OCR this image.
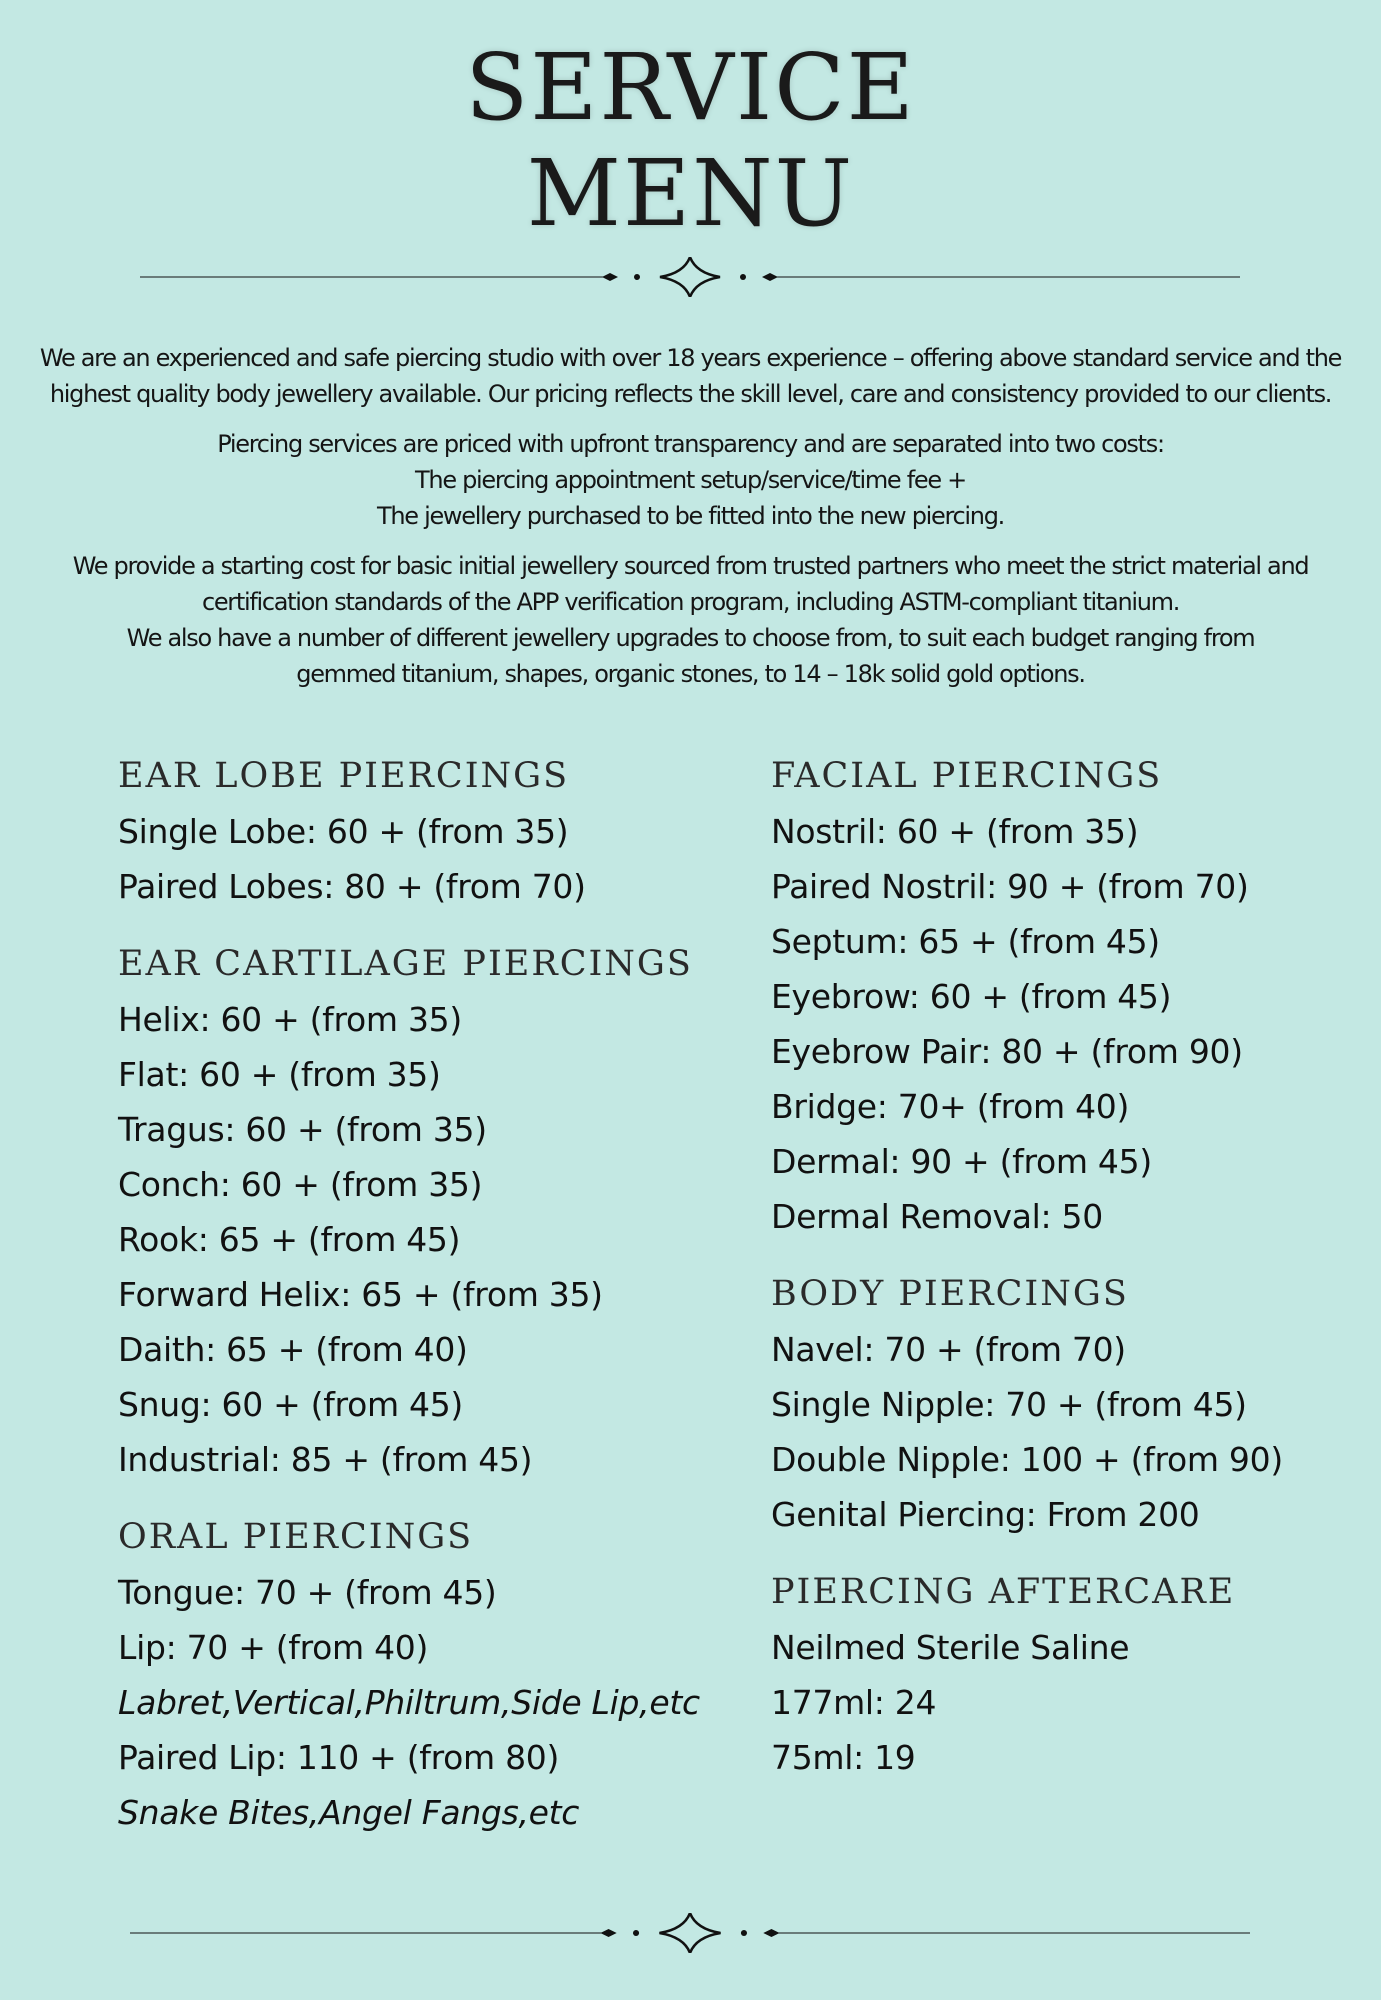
SERVICE
MENU

We are an experienced and safe piercing studio with over 18 years experience – offering above standard service and the
highest quality body jewellery available. Our pricing reflects the skill level, care and consistency provided to our clients.

Piercing services are priced with upfront transparency and are separated into two costs:
The piercing appointment setup/service/time fee +
The jewellery purchased to be fitted into the new piercing.

We provide a starting cost for basic initial jewellery sourced from trusted partners who meet the strict material and
certification standards of the APP verification program, including ASTM-compliant titanium.
We also have a number of different jewellery upgrades to choose from, to suit each budget ranging from
gemmed titanium, shapes, organic stones, to 14 – 18k solid gold options.

EAR LOBE PIERCINGS
Single Lobe: 60 + (from 35)
Paired Lobes: 80 + (from 70)
EAR CARTILAGE PIERCINGS
Helix: 60 + (from 35)
Flat: 60 + (from 35)
Tragus: 60 + (from 35)
Conch: 60 + (from 35)
Rook: 65 + (from 45)
Forward Helix: 65 + (from 35)
Daith: 65 + (from 40)
Snug: 60 + (from 45)
Industrial: 85 + (from 45)
ORAL PIERCINGS
Tongue: 70 + (from 45)
Lip: 70 + (from 40)
Labret,Vertical,Philtrum,Side Lip,etc
Paired Lip: 110 + (from 80)
Snake Bites,Angel Fangs,etc
FACIAL PIERCINGS
Nostril: 60 + (from 35)
Paired Nostril: 90 + (from 70)
Septum: 65 + (from 45)
Eyebrow: 60 + (from 45)
Eyebrow Pair: 80 + (from 90)
Bridge: 70+ (from 40)
Dermal: 90 + (from 45)
Dermal Removal: 50
BODY PIERCINGS
Navel: 70 + (from 70)
Single Nipple: 70 + (from 45)
Double Nipple: 100 + (from 90)
Genital Piercing: From 200
PIERCING AFTERCARE
Neilmed Sterile Saline
177ml: 24
75ml: 19
